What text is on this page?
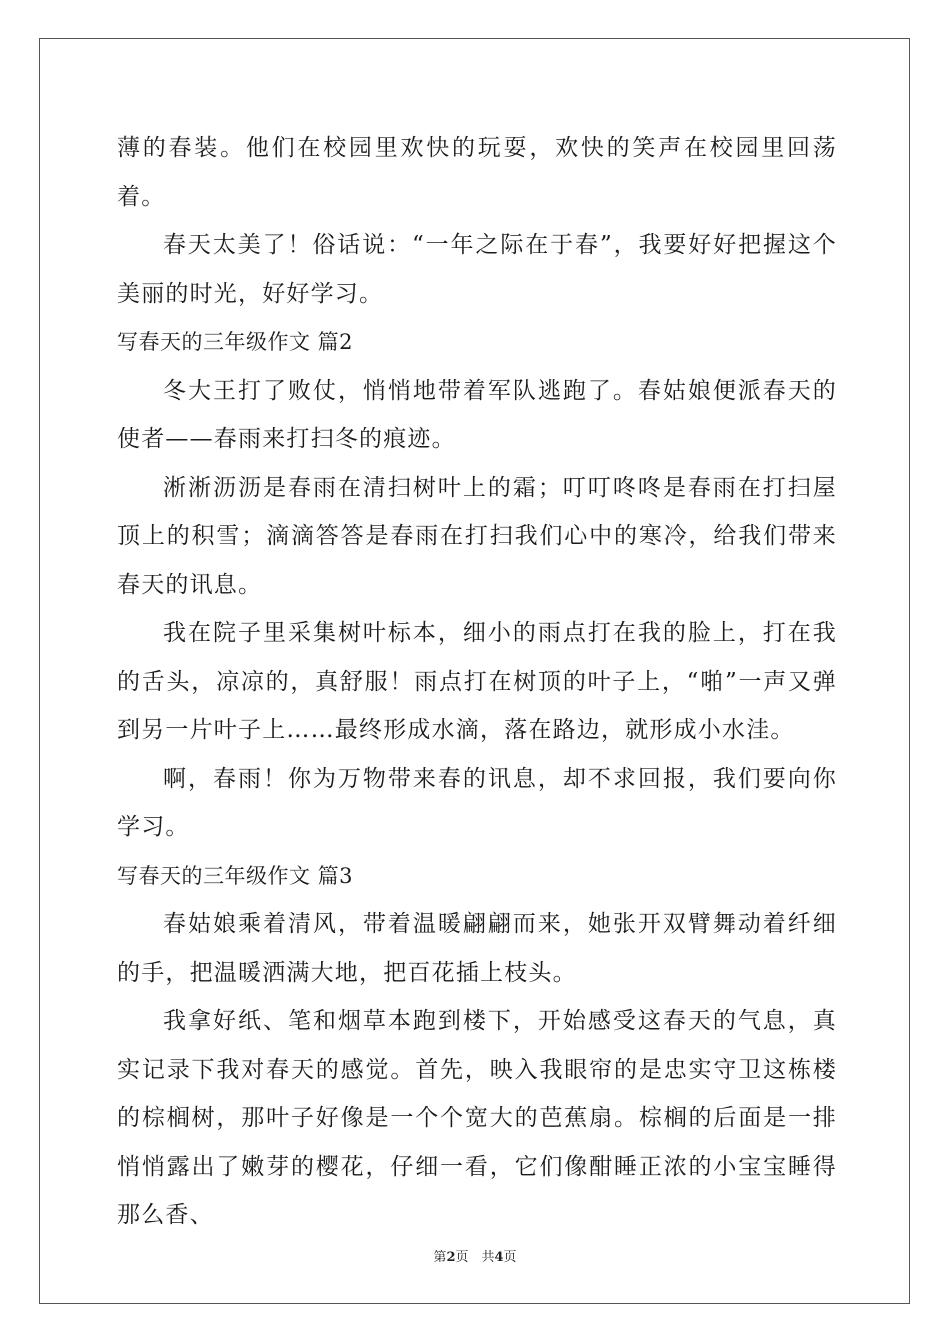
薄的春装。他们在校园里欢快的玩耍，欢快的笑声在校园里回荡着。

春天太美了！俗话说：“一年之际在于春”，我要好好把握这个美丽的时光，好好学习。

写春天的三年级作文 篇2

冬大王打了败仗，悄悄地带着军队逃跑了。春姑娘便派春天的使者——春雨来打扫冬的痕迹。

淅淅沥沥是春雨在清扫树叶上的霜；叮叮咚咚是春雨在打扫屋顶上的积雪；滴滴答答是春雨在打扫我们心中的寒冷，给我们带来春天的讯息。

我在院子里采集树叶标本，细小的雨点打在我的脸上，打在我的舌头，凉凉的，真舒服！雨点打在树顶的叶子上，“啪”一声又弹到另一片叶子上……最终形成水滴，落在路边，就形成小水洼。

啊，春雨！你为万物带来春的讯息，却不求回报，我们要向你学习。

写春天的三年级作文 篇3

春姑娘乘着清风，带着温暖翩翩而来，她张开双臂舞动着纤细的手，把温暖洒满大地，把百花插上枝头。

我拿好纸、笔和烟草本跑到楼下，开始感受这春天的气息，真实记录下我对春天的感觉。首先，映入我眼帘的是忠实守卫这栋楼的棕榈树，那叶子好像是一个个宽大的芭蕉扇。棕榈的后面是一排悄悄露出了嫩芽的樱花，仔细一看，它们像酣睡正浓的小宝宝睡得那么香、

第2页　共4页
